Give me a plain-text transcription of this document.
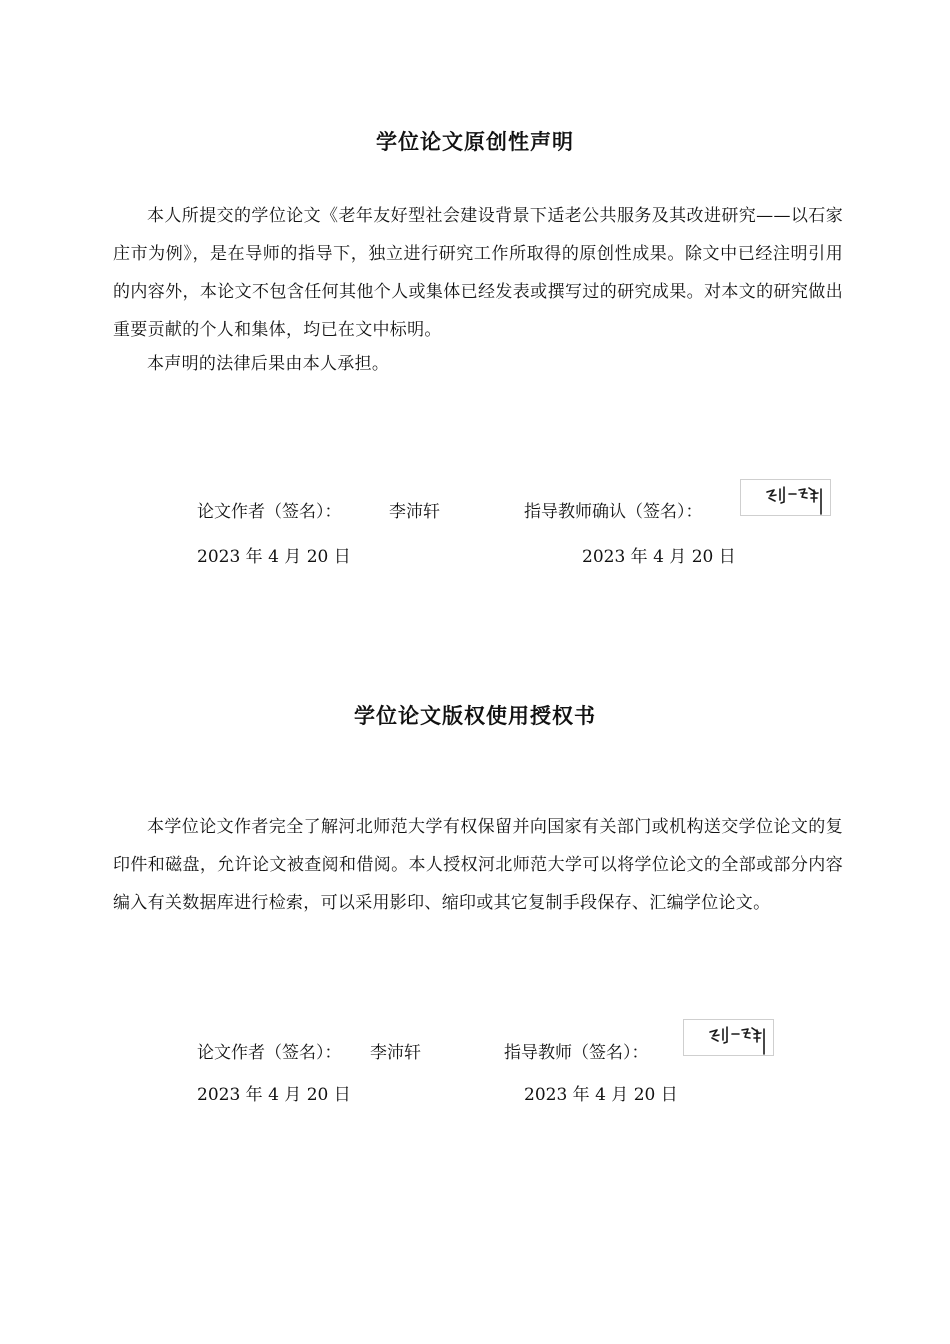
学位论文原创性声明

本人所提交的学位论文《老年友好型社会建设背景下适老公共服务及其改进研究——以石家庄市为例》，是在导师的指导下，独立进行研究工作所取得的原创性成果。除文中已经注明引用的内容外，本论文不包含任何其他个人或集体已经发表或撰写过的研究成果。对本文的研究做出重要贡献的个人和集体，均已在文中标明。

本声明的法律后果由本人承担。

论文作者（签名）：	李沛轩	指导教师确认（签名）：
2023 年 4 月 20 日	2023 年 4 月 20 日
学位论文版权使用授权书

本学位论文作者完全了解河北师范大学有权保留并向国家有关部门或机构送交学位论文的复印件和磁盘，允许论文被查阅和借阅。本人授权河北师范大学可以将学位论文的全部或部分内容编入有关数据库进行检索，可以采用影印、缩印或其它复制手段保存、汇编学位论文。

论文作者（签名）： 李沛轩	指导教师（签名）：
2023 年 4 月 20 日	2023 年 4 月 20 日
